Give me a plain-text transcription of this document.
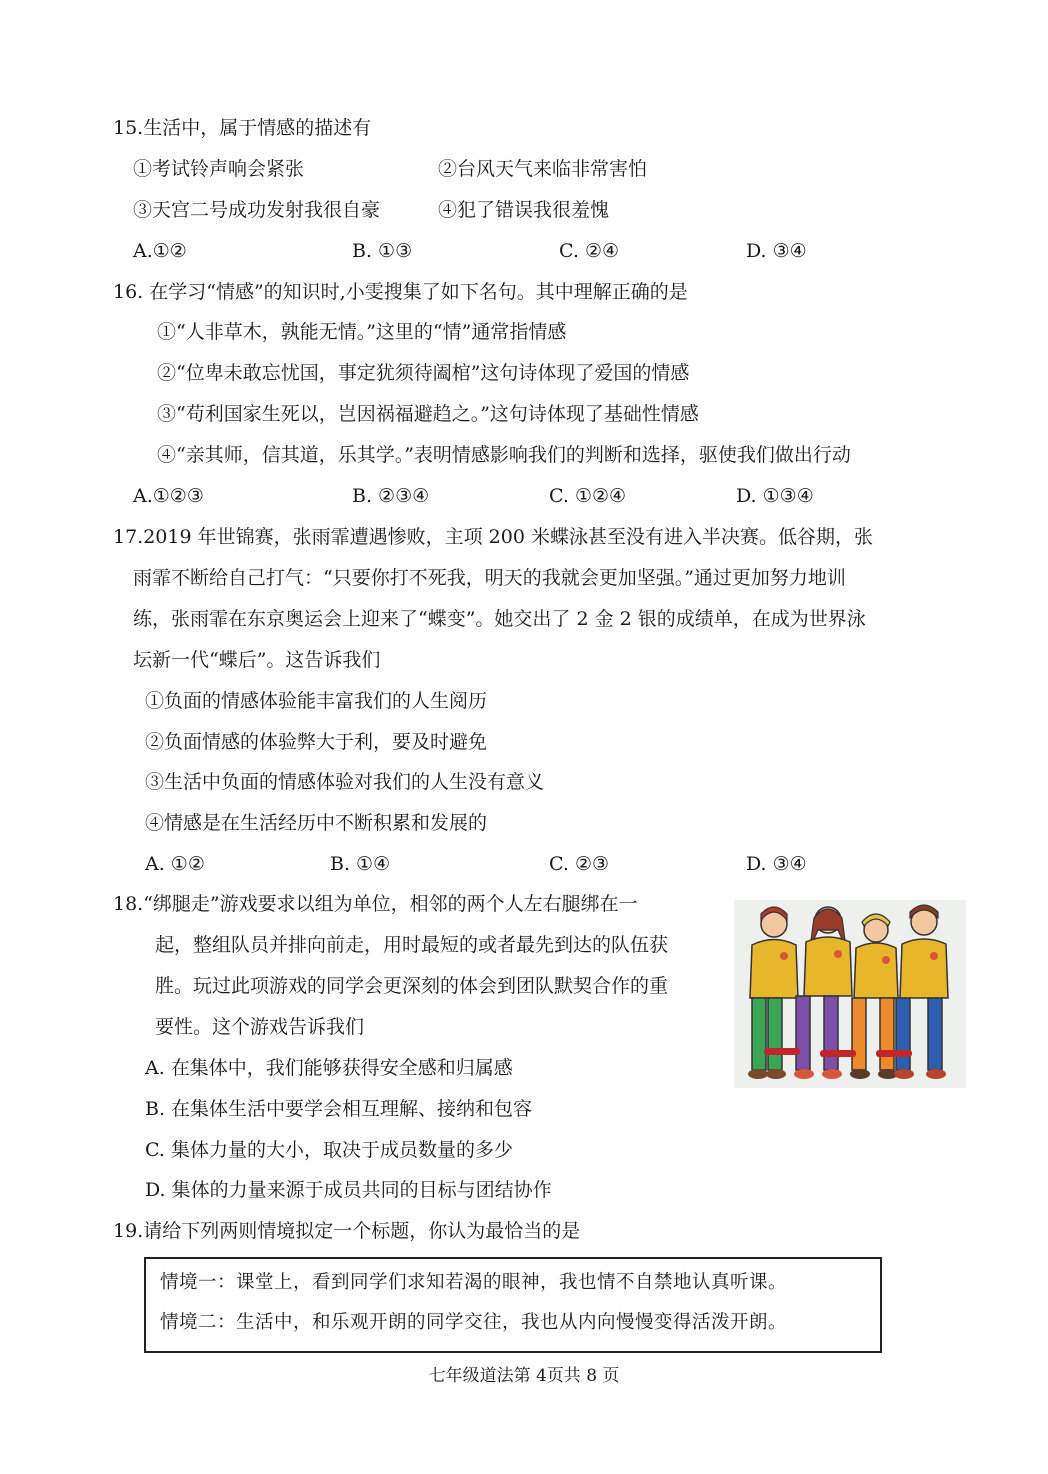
15.生活中，属于情感的描述有
①考试铃声响会紧张	②台风天气来临非常害怕
③天宫二号成功发射我很自豪	④犯了错误我很羞愧
A.①②	B. ①③	C. ②④	D. ③④
16. 在学习“情感”的知识时,小雯搜集了如下名句。其中理解正确的是
①“人非草木，孰能无情。”这里的“情”通常指情感
②“位卑未敢忘忧国，事定犹须待阖棺”这句诗体现了爱国的情感
③“苟利国家生死以，岂因祸福避趋之。”这句诗体现了基础性情感
④“亲其师，信其道，乐其学。”表明情感影响我们的判断和选择，驱使我们做出行动
A.①②③	B. ②③④	C. ①②④	D. ①③④
17.2019 年世锦赛，张雨霏遭遇惨败，主项 200 米蝶泳甚至没有进入半决赛。低谷期，张
雨霏不断给自己打气：“只要你打不死我，明天的我就会更加坚强。”通过更加努力地训
练，张雨霏在东京奥运会上迎来了“蝶变”。她交出了 2 金 2 银的成绩单，在成为世界泳
坛新一代“蝶后”。这告诉我们
①负面的情感体验能丰富我们的人生阅历
②负面情感的体验弊大于利，要及时避免
③生活中负面的情感体验对我们的人生没有意义
④情感是在生活经历中不断积累和发展的
A. ①②	B. ①④	C. ②③	D. ③④
18.“绑腿走”游戏要求以组为单位，相邻的两个人左右腿绑在一
起，整组队员并排向前走，用时最短的或者最先到达的队伍获
胜。玩过此项游戏的同学会更深刻的体会到团队默契合作的重
要性。这个游戏告诉我们
A. 在集体中，我们能够获得安全感和归属感
B. 在集体生活中要学会相互理解、接纳和包容
C. 集体力量的大小，取决于成员数量的多少
D. 集体的力量来源于成员共同的目标与团结协作
19.请给下列两则情境拟定一个标题，你认为最恰当的是
情境一：课堂上，看到同学们求知若渴的眼神，我也情不自禁地认真听课。
情境二：生活中，和乐观开朗的同学交往，我也从内向慢慢变得活泼开朗。
七年级道法第 4页共 8 页
